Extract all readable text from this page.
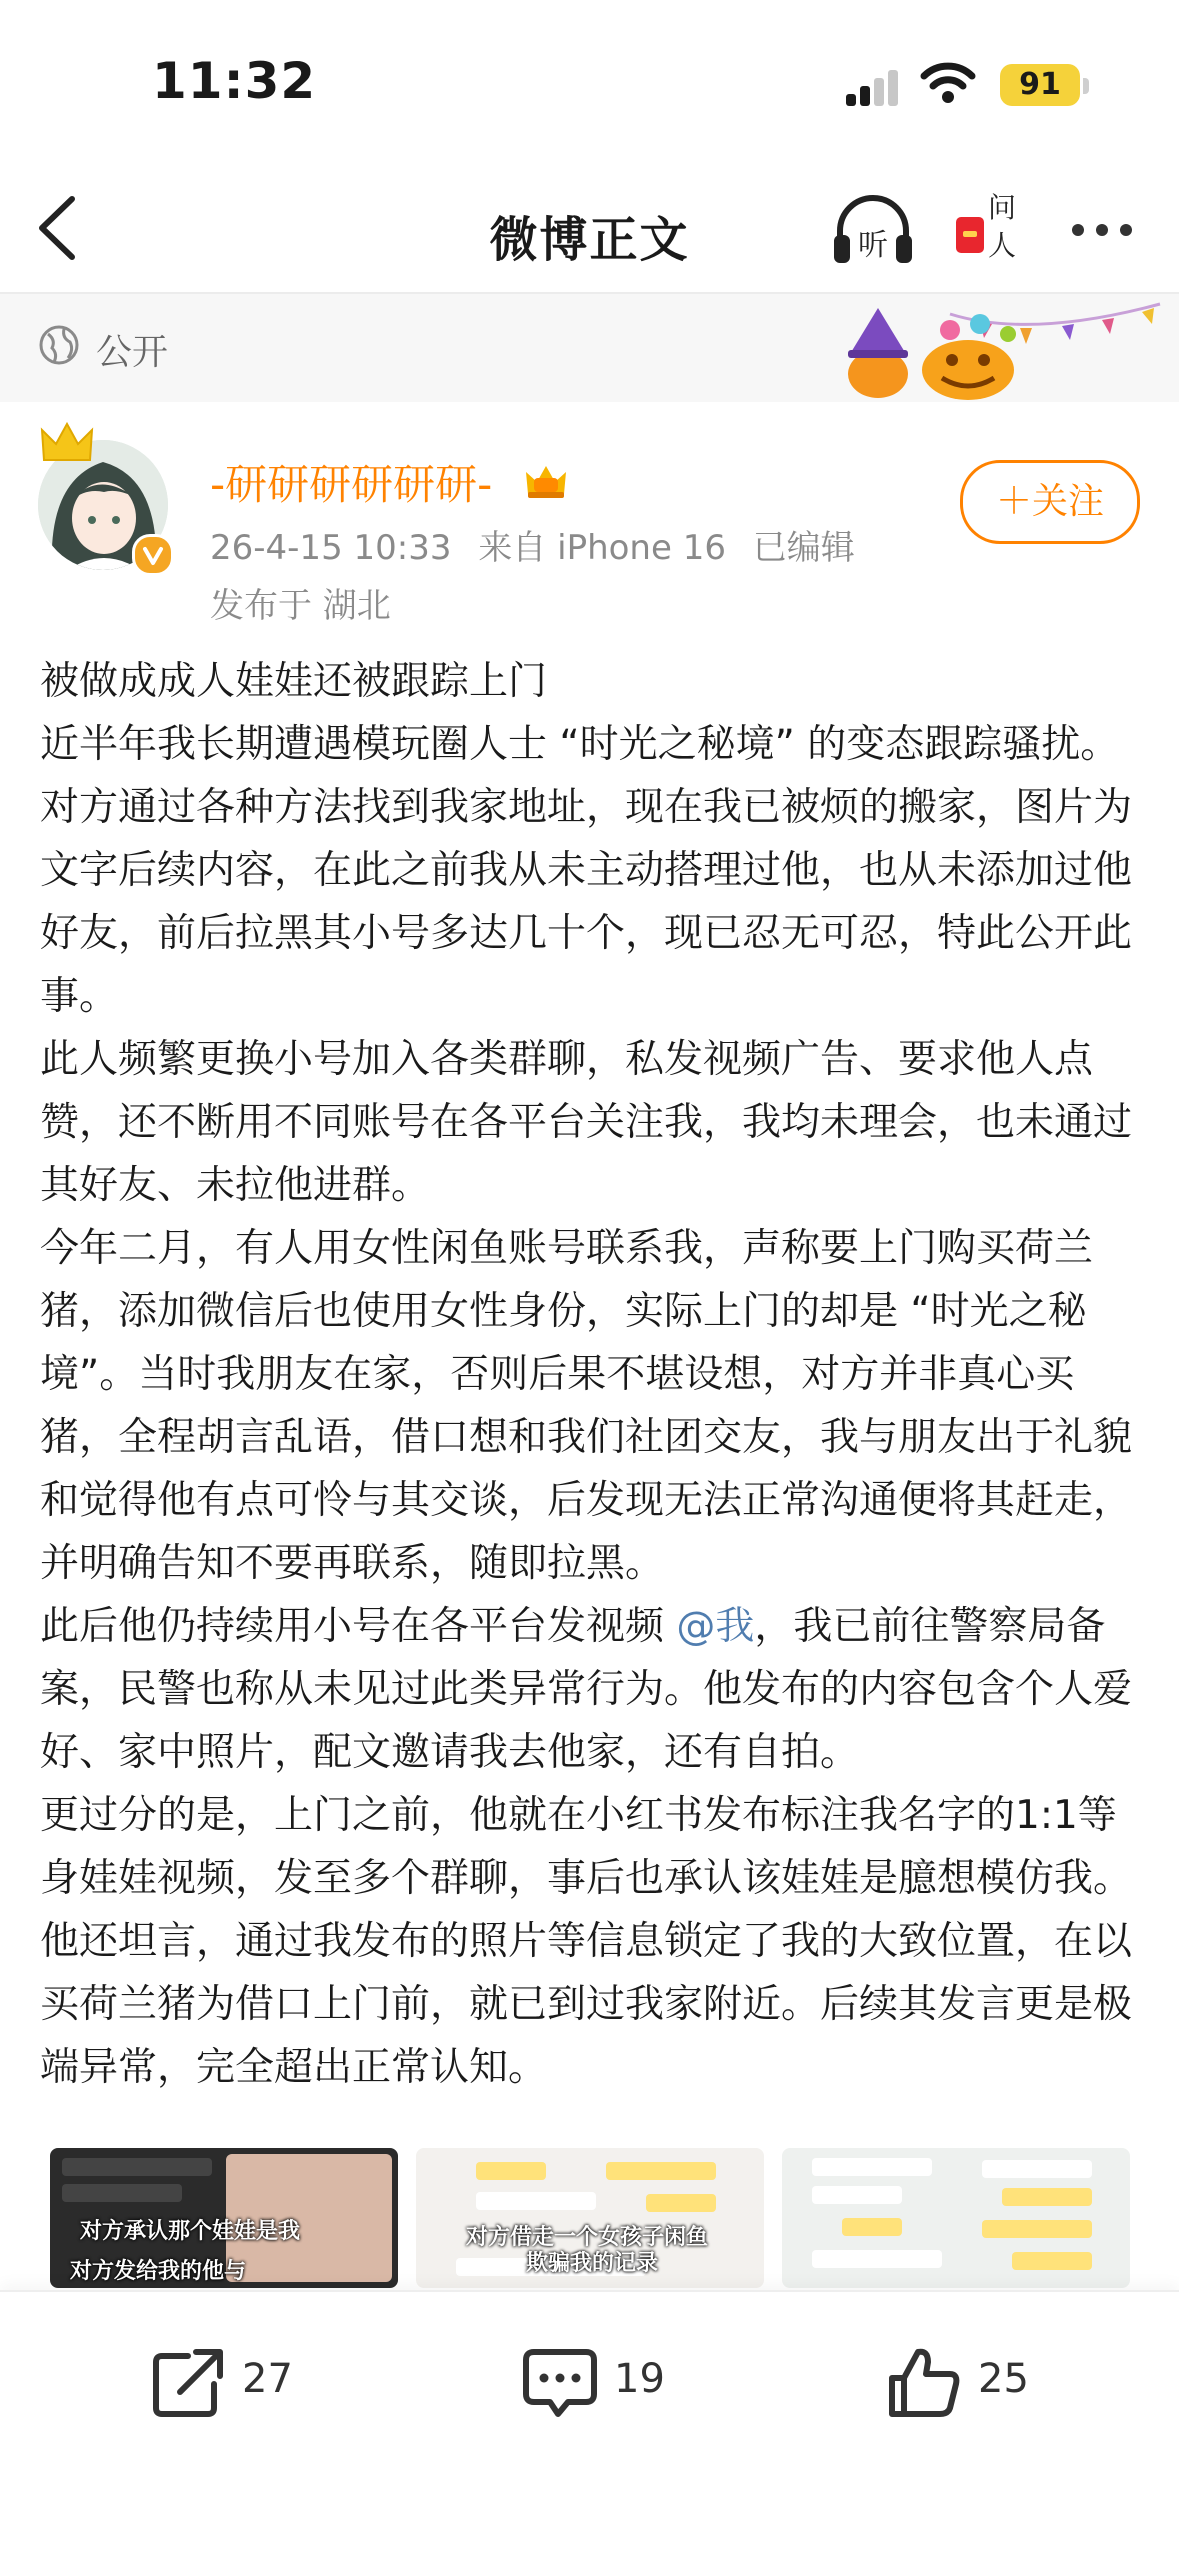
11:32	91
微博正文	听
问
人
公开
-研研研研研研-
26-4-15 10:33 来自 iPhone 16 已编辑
发布于 湖北
＋关注

被做成成人娃娃还被跟踪上门

近半年我长期遭遇模玩圈人士 “时光之秘境” 的变态跟踪骚扰。对方通过各种方法找到我家地址，现在我已被烦的搬家，图片为文字后续内容，在此之前我从未主动搭理过他，也从未添加过他好友，前后拉黑其小号多达几十个，现已忍无可忍，特此公开此事。

此人频繁更换小号加入各类群聊，私发视频广告、要求他人点赞，还不断用不同账号在各平台关注我，我均未理会，也未通过其好友、未拉他进群。

今年二月，有人用女性闲鱼账号联系我，声称要上门购买荷兰猪，添加微信后也使用女性身份，实际上门的却是 “时光之秘境”。当时我朋友在家，否则后果不堪设想，对方并非真心买猪，全程胡言乱语，借口想和我们社团交友，我与朋友出于礼貌和觉得他有点可怜与其交谈，后发现无法正常沟通便将其赶走，并明确告知不要再联系，随即拉黑。

此后他仍持续用小号在各平台发视频 @我，我已前往警察局备案，民警也称从未见过此类异常行为。他发布的内容包含个人爱好、家中照片，配文邀请我去他家，还有自拍。

更过分的是，上门之前，他就在小红书发布标注我名字的1:1等身娃娃视频，发至多个群聊，事后也承认该娃娃是臆想模仿我。他还坦言，通过我发布的照片等信息锁定了我的大致位置，在以买荷兰猪为借口上门前，就已到过我家附近。后续其发言更是极端异常，完全超出正常认知。

对方承认那个娃娃是我
对方发给我的他与
对方借走一个女孩子闲鱼
欺骗我的记录
27	19	25
